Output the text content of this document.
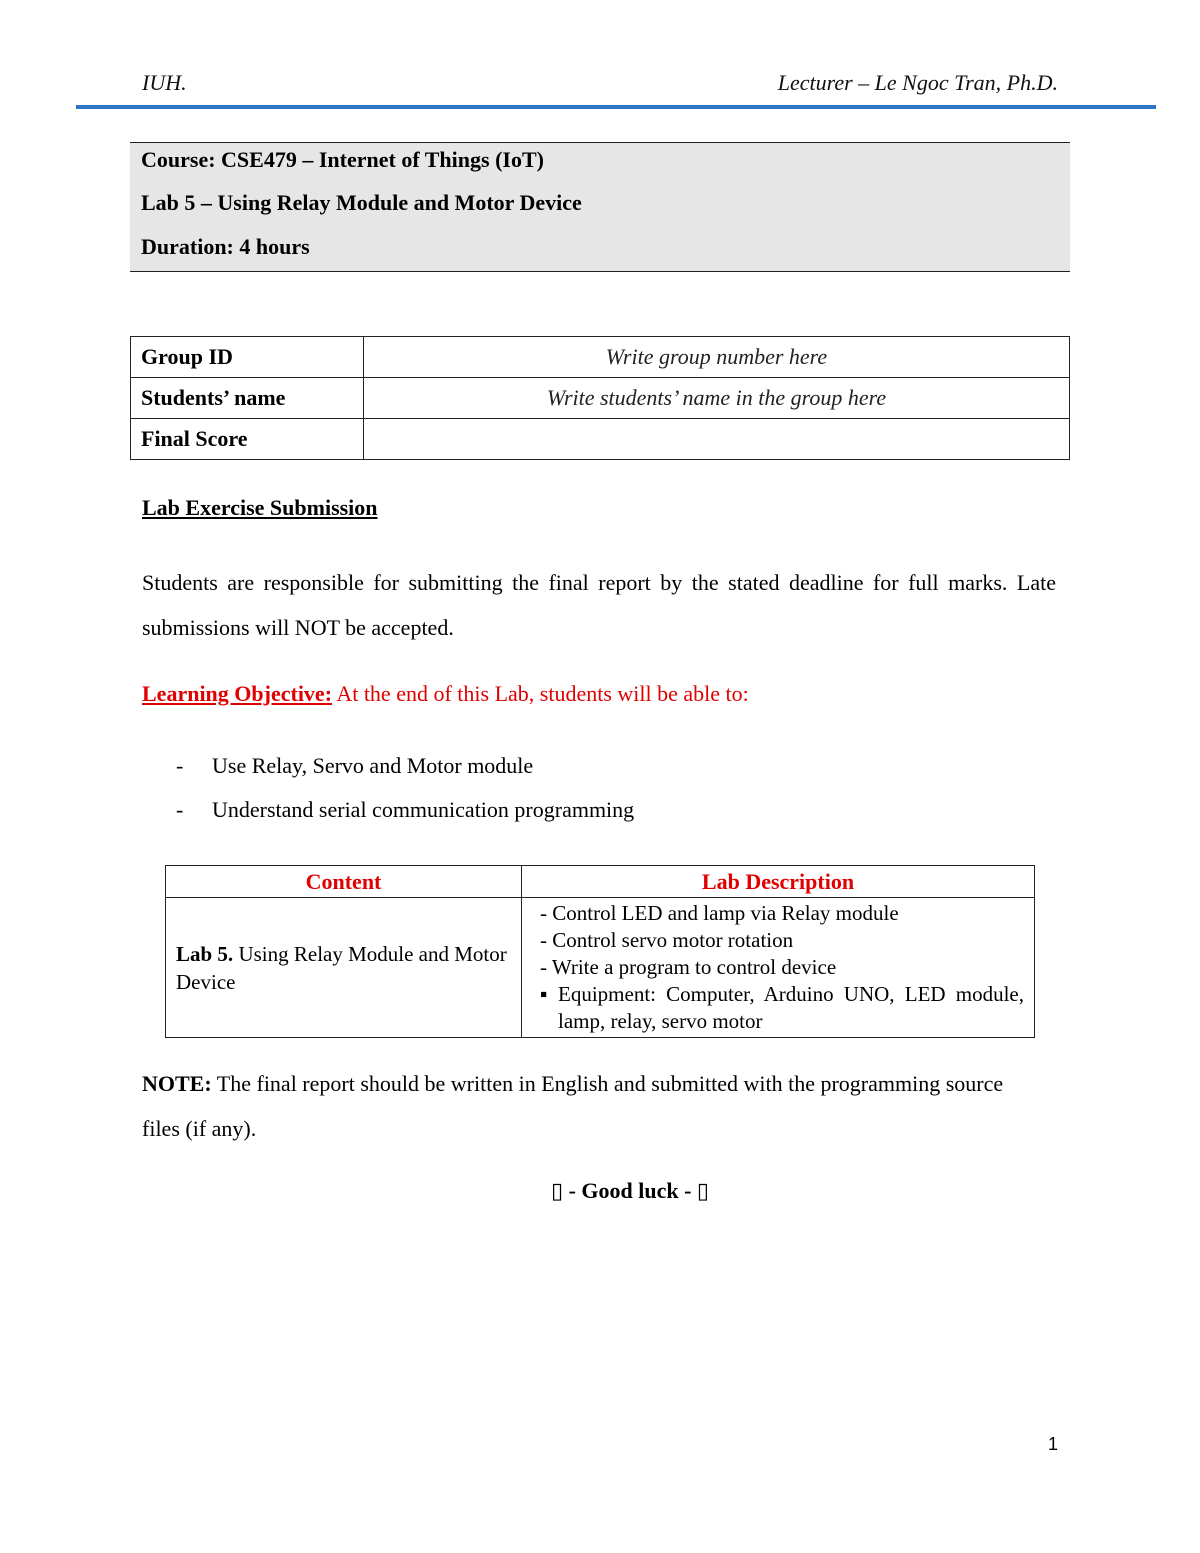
IUH.	Lecturer – Le Ngoc Tran, Ph.D.
Course: CSE479 – Internet of Things (IoT)
Lab 5 – Using Relay Module and Motor Device
Duration: 4 hours
Group ID	Write group number here
Students’ name	Write students’ name in the group here
Final Score	
Lab Exercise Submission
Students are responsible for submitting the final report by the stated deadline for full marks. Late submissions will NOT be accepted.
Learning Objective: At the end of this Lab, students will be able to:
- Use Relay, Servo and Motor module
- Understand serial communication programming
Content	Lab Description
Lab 5. Using Relay Module and Motor Device	- Control LED and lamp via Relay module
- Control servo motor rotation
- Write a program to control device
▪ Equipment: Computer, Arduino UNO, LED module, lamp, relay, servo motor
NOTE: The final report should be written in English and submitted with the programming source files (if any).
▯ - Good luck - ▯
1
